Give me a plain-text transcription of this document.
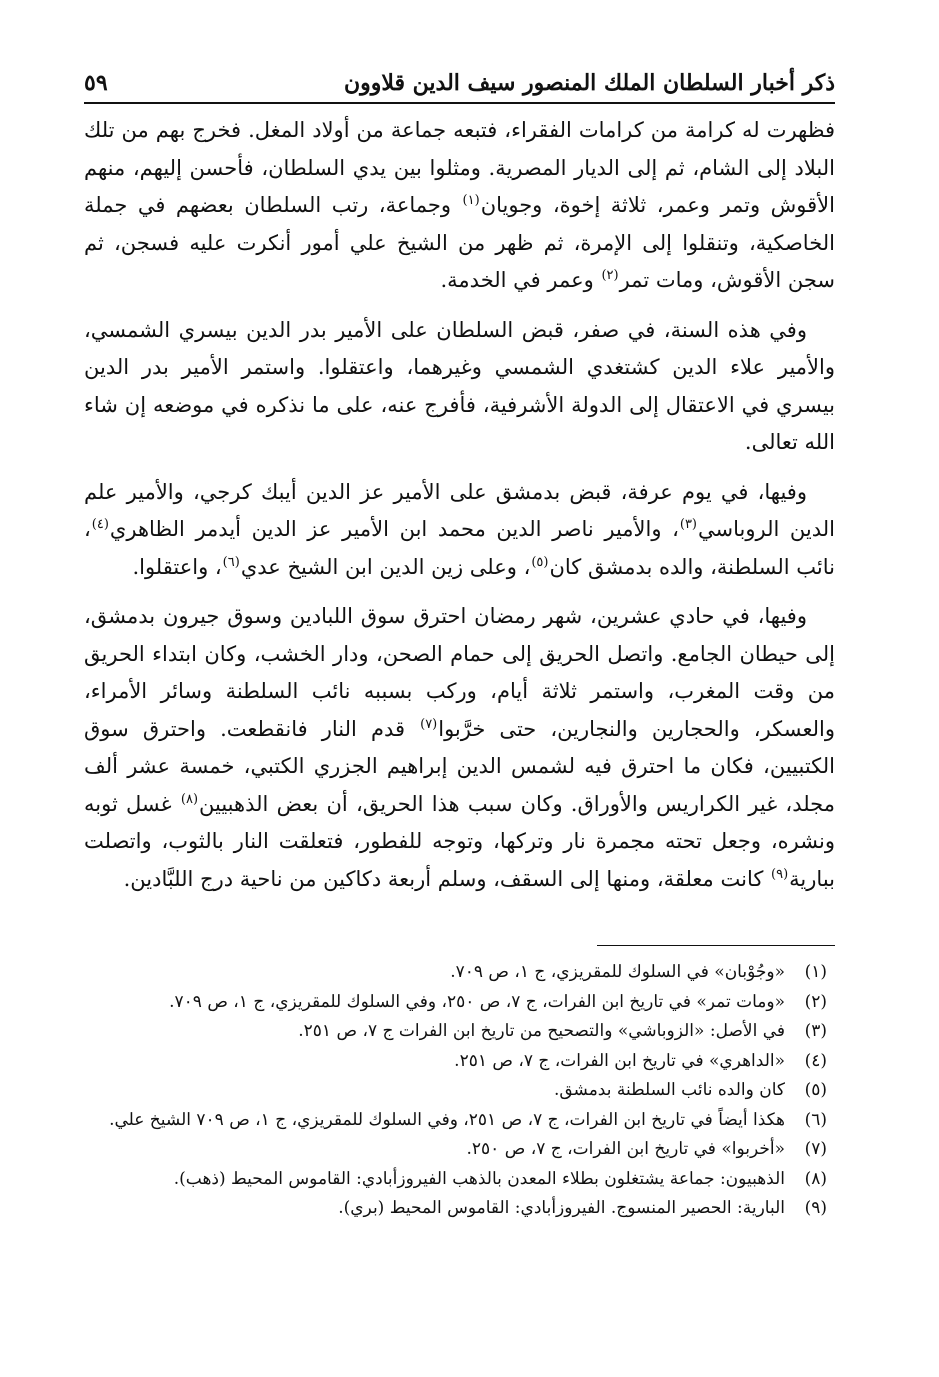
ذكر أخبار السلطان الملك المنصور سيف الدين قلاوون
٥٩

فظهرت له كرامة من كرامات الفقراء، فتبعه جماعة من أولاد المغل. فخرج بهم من تلك البلاد إلى الشام، ثم إلى الديار المصرية. ومثلوا بين يدي السلطان، فأحسن إليهم، منهم الأقوش وتمر وعمر، ثلاثة إخوة، وجويان$^{(١)}$ وجماعة، رتب السلطان بعضهم في جملة الخاصكية، وتنقلوا إلى الإمرة، ثم ظهر من الشيخ علي أمور أنكرت عليه فسجن، ثم سجن الأقوش، ومات تمر$^{(٢)}$ وعمر في الخدمة.

وفي هذه السنة، في صفر، قبض السلطان على الأمير بدر الدين بيسري الشمسي، والأمير علاء الدين كشتغدي الشمسي وغيرهما، واعتقلوا. واستمر الأمير بدر الدين بيسري في الاعتقال إلى الدولة الأشرفية، فأفرج عنه، على ما نذكره في موضعه إن شاء الله تعالى.

وفيها، في يوم عرفة، قبض بدمشق على الأمير عز الدين أيبك كرجي، والأمير علم الدين الروباسي$^{(٣)}$، والأمير ناصر الدين محمد ابن الأمير عز الدين أيدمر الظاهري$^{(٤)}$، نائب السلطنة، والده بدمشق كان$^{(٥)}$، وعلى زين الدين ابن الشيخ عدي$^{(٦)}$، واعتقلوا.

وفيها، في حادي عشرين، شهر رمضان احترق سوق اللبادين وسوق جيرون بدمشق، إلى حيطان الجامع. واتصل الحريق إلى حمام الصحن، ودار الخشب، وكان ابتداء الحريق من وقت المغرب، واستمر ثلاثة أيام، وركب بسببه نائب السلطنة وسائر الأمراء، والعسكر، والحجارين والنجارين، حتى خرَّبوا$^{(٧)}$ قدم النار فانقطعت. واحترق سوق الكتبيين، فكان ما احترق فيه لشمس الدين إبراهيم الجزري الكتبي، خمسة عشر ألف مجلد، غير الكراريس والأوراق. وكان سبب هذا الحريق، أن بعض الذهبيين$^{(٨)}$ غسل ثوبه ونشره، وجعل تحته مجمرة نار وتركها، وتوجه للفطور، فتعلقت النار بالثوب، واتصلت ببارية$^{(٩)}$ كانت معلقة، ومنها إلى السقف، وسلم أربعة دكاكين من ناحية درج اللبَّادين.

(١)
«وجُوْبان» في السلوك للمقريزي، ج ١، ص ٧٠٩.
(٢)
«ومات تمر» في تاريخ ابن الفرات، ج ٧، ص ٢٥٠، وفي السلوك للمقريزي، ج ١، ص ٧٠٩.
(٣)
في الأصل: «الزوباشي» والتصحيح من تاريخ ابن الفرات ج ٧، ص ٢٥١.
(٤)
«الداهري» في تاريخ ابن الفرات، ج ٧، ص ٢٥١.
(٥)
كان والده نائب السلطنة بدمشق.
(٦)
هكذا أيضاً في تاريخ ابن الفرات، ج ٧، ص ٢٥١، وفي السلوك للمقريزي، ج ١، ص ٧٠٩ الشيخ علي.
(٧)
«أخربوا» في تاريخ ابن الفرات، ج ٧، ص ٢٥٠.
(٨)
الذهبيون: جماعة يشتغلون بطلاء المعدن بالذهب الفيروزأبادي: القاموس المحيط (ذهب).
(٩)
البارية: الحصير المنسوج. الفيروزأبادي: القاموس المحيط (بري).
